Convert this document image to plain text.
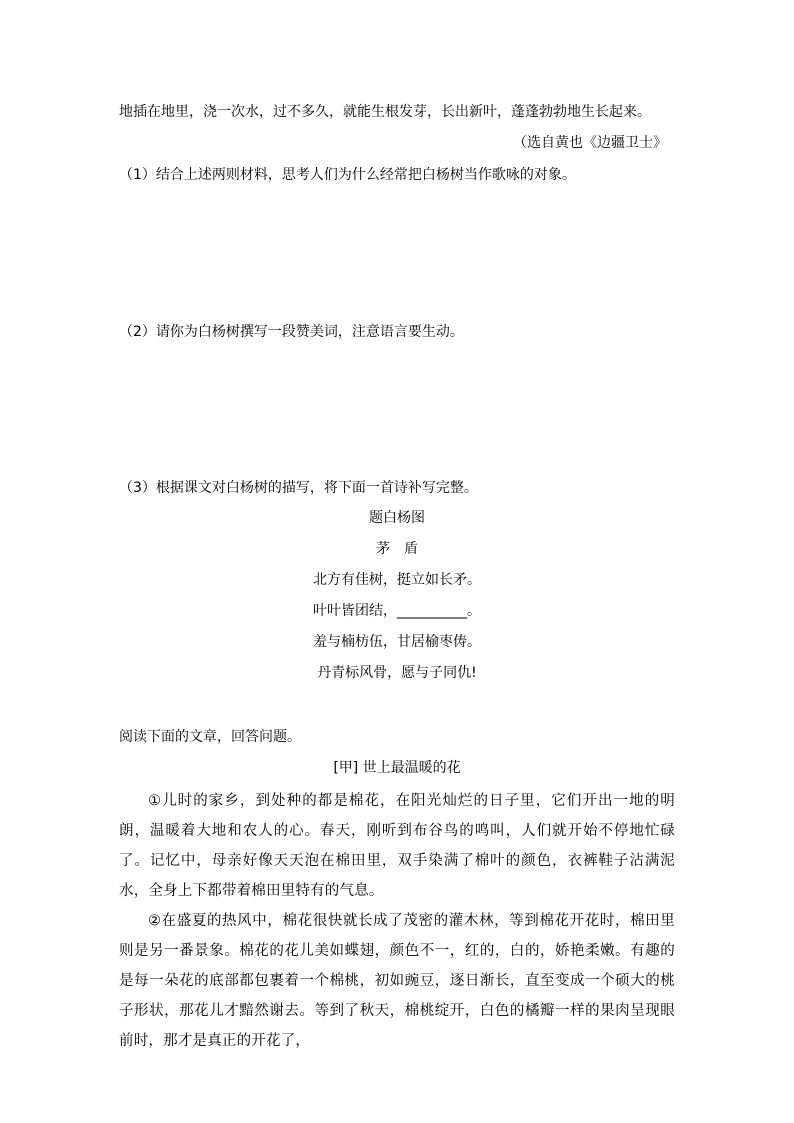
地插在地里，浇一次水，过不多久，就能生根发芽，长出新叶，蓬蓬勃勃地生长起来。
（选自黄也《边疆卫士》
（1）结合上述两则材料，思考人们为什么经常把白杨树当作歌咏的对象。
（2）请你为白杨树撰写一段赞美词，注意语言要生动。
（3）根据课文对白杨树的描写，将下面一首诗补写完整。
题白杨图
茅　盾
北方有佳树，挺立如长矛。
叶叶皆团结，__________。
羞与楠枋伍，甘居榆枣俦。
丹青标风骨，愿与子同仇!
阅读下面的文章，回答问题。
[甲] 世上最温暖的花
①儿时的家乡，到处种的都是棉花，在阳光灿烂的日子里，它们开出一地的明朗，温暖着大地和农人的心。春天，刚听到布谷鸟的鸣叫，人们就开始不停地忙碌了。记忆中，母亲好像天天泡在棉田里，双手染满了棉叶的颜色，衣裤鞋子沾满泥水，全身上下都带着棉田里特有的气息。
②在盛夏的热风中，棉花很快就长成了茂密的灌木林，等到棉花开花时，棉田里则是另一番景象。棉花的花儿美如蝶翅，颜色不一，红的，白的，娇艳柔嫩。有趣的是每一朵花的底部都包裹着一个棉桃，初如豌豆，逐日渐长，直至变成一个硕大的桃子形状，那花儿才黯然谢去。等到了秋天，棉桃绽开，白色的橘瓣一样的果肉呈现眼前时，那才是真正的开花了，
